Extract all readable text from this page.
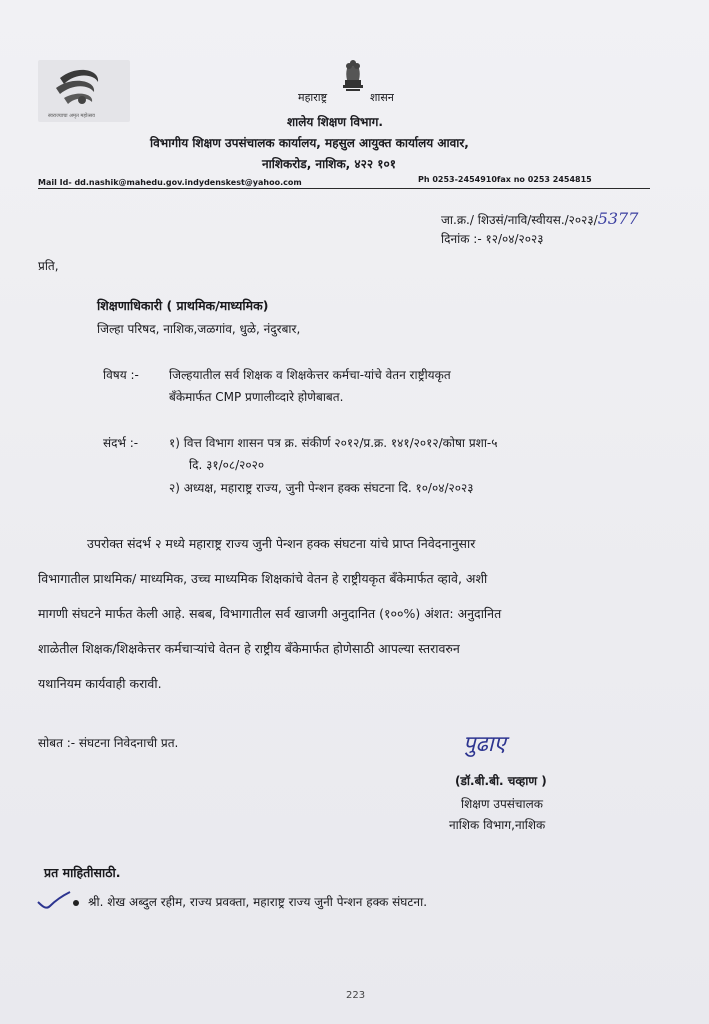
स्वराज्याचा अमृत महोत्सव
महाराष्ट्र	शासन
शालेय शिक्षण विभाग.
विभागीय शिक्षण उपसंचालक कार्यालय, महसुल आयुक्त कार्यालय आवार,
नाशिकरोड, नाशिक, ४२२ १०१
Mail Id- dd.nashik@mahedu.gov.indydenskest@yahoo.com	Ph 0253-2454910fax no 0253 2454815
जा.क्र./ शिउसं/नावि/स्वीयस./२०२३/5377
दिनांक :- १२/०४/२०२३
प्रति,
शिक्षणाधिकारी ( प्राथमिक/माध्यमिक)
जिल्हा परिषद, नाशिक,जळगांव, धुळे, नंदुरबार,
विषय :-	जिल्हयातील सर्व शिक्षक व शिक्षकेत्तर कर्मचा-यांचे वेतन राष्ट्रीयकृत
बँकेमार्फत CMP प्रणालीव्दारे होणेबाबत.
संदर्भ :-	१) वित्त विभाग शासन पत्र क्र. संकीर्ण २०१२/प्र.क्र. १४१/२०१२/कोषा प्रशा-५
दि. ३१/०८/२०२०
२) अध्यक्ष, महाराष्ट्र राज्य, जुनी पेन्शन हक्क संघटना दि. १०/०४/२०२३
उपरोक्त संदर्भ २ मध्ये महाराष्ट्र राज्य जुनी पेन्शन हक्क संघटना यांचे प्राप्त निवेदनानुसार
विभागातील प्राथमिक/ माध्यमिक, उच्च माध्यमिक शिक्षकांचे वेतन हे राष्ट्रीयकृत बँकेमार्फत व्हावे, अशी
मागणी संघटने मार्फत केली आहे. सबब, विभागातील सर्व खाजगी अनुदानित (१००%) अंशत: अनुदानित
शाळेतील शिक्षक/शिक्षकेत्तर कर्मचाऱ्यांचे वेतन हे राष्ट्रीय बँकेमार्फत होणेसाठी आपल्या स्तरावरुन
यथानियम कार्यवाही करावी.
सोबत :- संघटना निवेदनाची प्रत.	पुढाए
(डॉ.बी.बी. चव्हाण )
शिक्षण उपसंचालक
नाशिक विभाग,नाशिक
प्रत माहितीसाठी.
श्री. शेख अब्दुल रहीम, राज्य प्रवक्ता, महाराष्ट्र राज्य जुनी पेन्शन हक्क संघटना.
223
